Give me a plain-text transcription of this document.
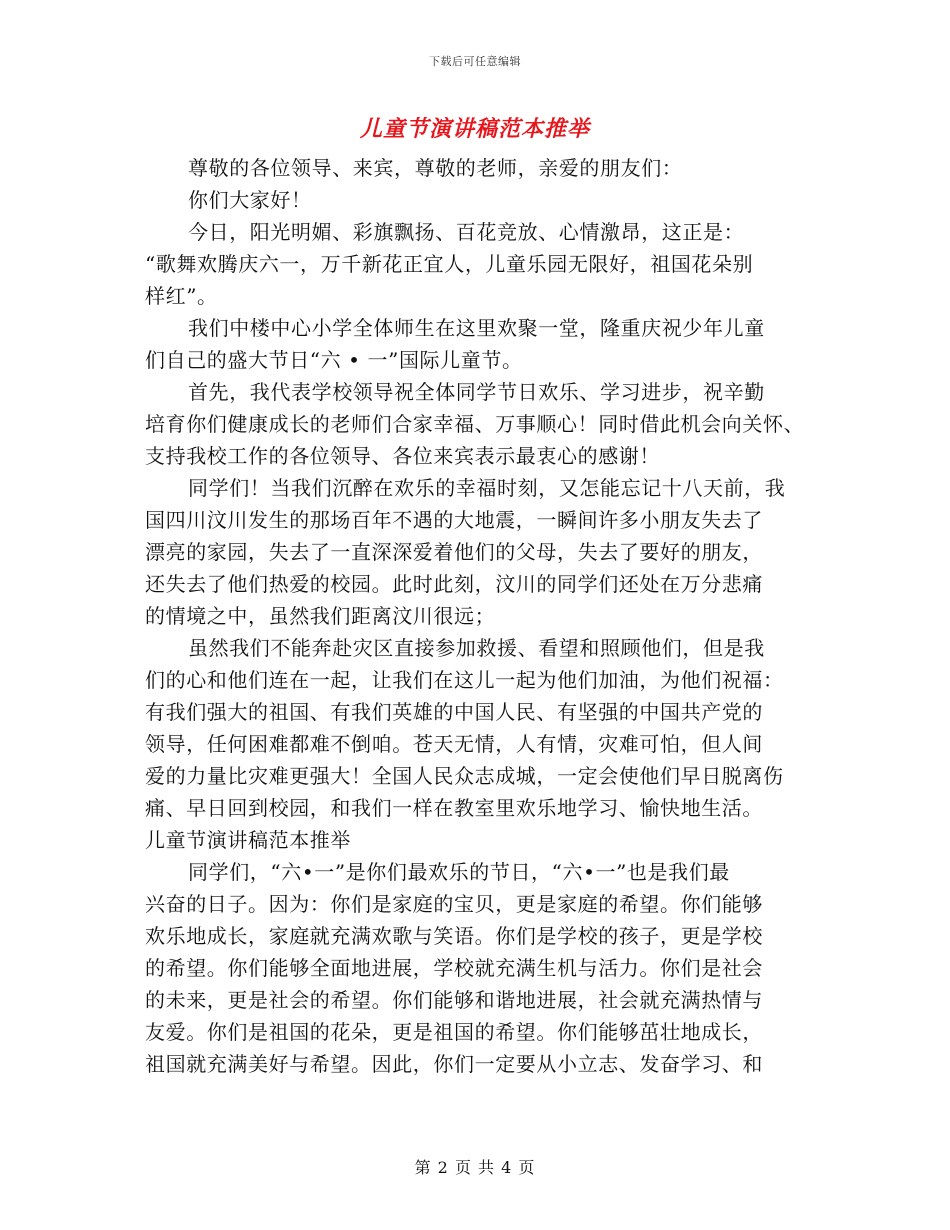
下载后可任意编辑
儿童节演讲稿范本推举
尊敬的各位领导、来宾，尊敬的老师，亲爱的朋友们：
你们大家好！
今日，阳光明媚、彩旗飘扬、百花竞放、心情激昂，这正是：
“歌舞欢腾庆六一，万千新花正宜人，儿童乐园无限好，祖国花朵别
样红”。
我们中楼中心小学全体师生在这里欢聚一堂，隆重庆祝少年儿童
们自己的盛大节日“六 • 一”国际儿童节。
首先，我代表学校领导祝全体同学节日欢乐、学习进步，祝辛勤
培育你们健康成长的老师们合家幸福、万事顺心！同时借此机会向关怀、
支持我校工作的各位领导、各位来宾表示最衷心的感谢！
同学们！当我们沉醉在欢乐的幸福时刻，又怎能忘记十八天前，我
国四川汶川发生的那场百年不遇的大地震，一瞬间许多小朋友失去了
漂亮的家园，失去了一直深深爱着他们的父母，失去了要好的朋友，
还失去了他们热爱的校园。此时此刻，汶川的同学们还处在万分悲痛
的情境之中，虽然我们距离汶川很远；
虽然我们不能奔赴灾区直接参加救援、看望和照顾他们，但是我
们的心和他们连在一起，让我们在这儿一起为他们加油，为他们祝福：
有我们强大的祖国、有我们英雄的中国人民、有坚强的中国共产党的
领导，任何困难都难不倒咱。苍天无情，人有情，灾难可怕，但人间
爱的力量比灾难更强大！全国人民众志成城，一定会使他们早日脱离伤
痛、早日回到校园，和我们一样在教室里欢乐地学习、愉快地生活。
儿童节演讲稿范本推举
同学们，“六•一”是你们最欢乐的节日，“六•一”也是我们最
兴奋的日子。因为：你们是家庭的宝贝，更是家庭的希望。你们能够
欢乐地成长，家庭就充满欢歌与笑语。你们是学校的孩子，更是学校
的希望。你们能够全面地进展，学校就充满生机与活力。你们是社会
的未来，更是社会的希望。你们能够和谐地进展，社会就充满热情与
友爱。你们是祖国的花朵，更是祖国的希望。你们能够茁壮地成长，
祖国就充满美好与希望。因此，你们一定要从小立志、发奋学习、和
第 2 页 共 4 页
